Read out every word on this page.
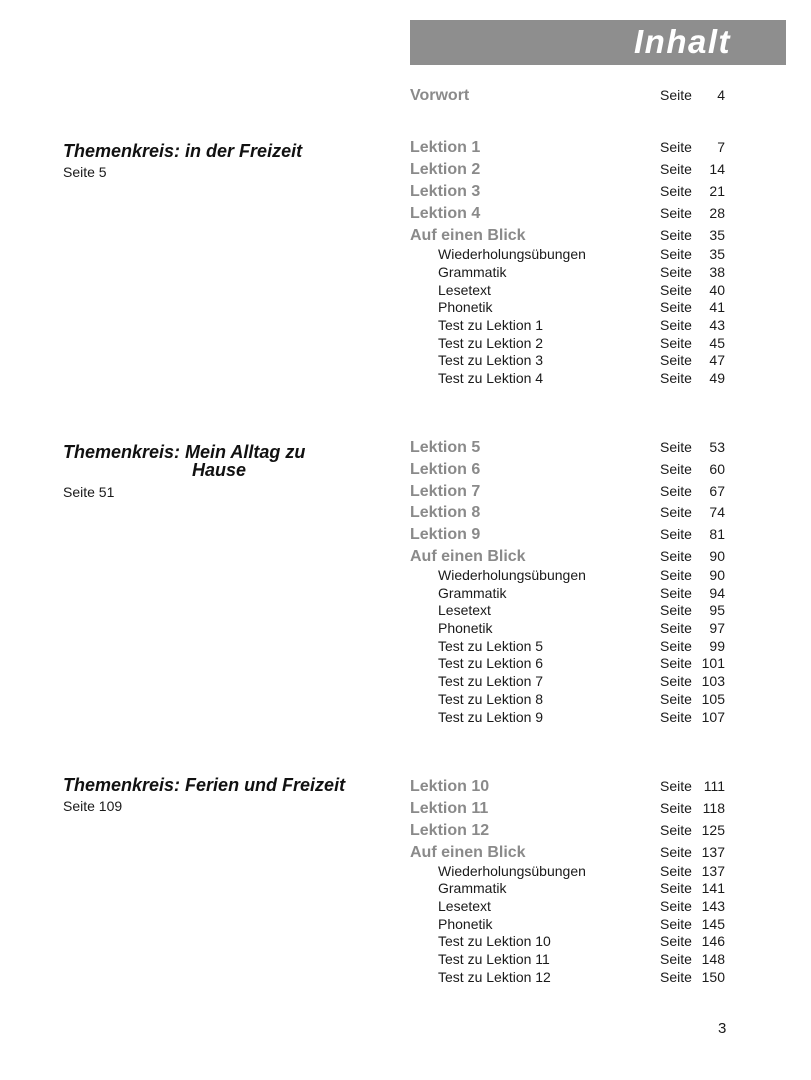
Inhalt
Themenkreis: in der Freizeit
Seite 5
Themenkreis: Mein Alltag zu
Hause
Seite 51
Themenkreis: Ferien und Freizeit
Seite 109
Vorwort	Seite 4
Lektion 1	Seite 7
Lektion 2	Seite 14
Lektion 3	Seite 21
Lektion 4	Seite 28
Auf einen Blick	Seite 35
Wiederholungsübungen	Seite 35
Grammatik	Seite 38
Lesetext	Seite 40
Phonetik	Seite 41
Test zu Lektion 1	Seite 43
Test zu Lektion 2	Seite 45
Test zu Lektion 3	Seite 47
Test zu Lektion 4	Seite 49
Lektion 5	Seite 53
Lektion 6	Seite 60
Lektion 7	Seite 67
Lektion 8	Seite 74
Lektion 9	Seite 81
Auf einen Blick	Seite 90
Wiederholungsübungen	Seite 90
Grammatik	Seite 94
Lesetext	Seite 95
Phonetik	Seite 97
Test zu Lektion 5	Seite 99
Test zu Lektion 6	Seite 101
Test zu Lektion 7	Seite 103
Test zu Lektion 8	Seite 105
Test zu Lektion 9	Seite 107
Lektion 10	Seite 111
Lektion 11	Seite 118
Lektion 12	Seite 125
Auf einen Blick	Seite 137
Wiederholungsübungen	Seite 137
Grammatik	Seite 141
Lesetext	Seite 143
Phonetik	Seite 145
Test zu Lektion 10	Seite 146
Test zu Lektion 11	Seite 148
Test zu Lektion 12	Seite 150
3
